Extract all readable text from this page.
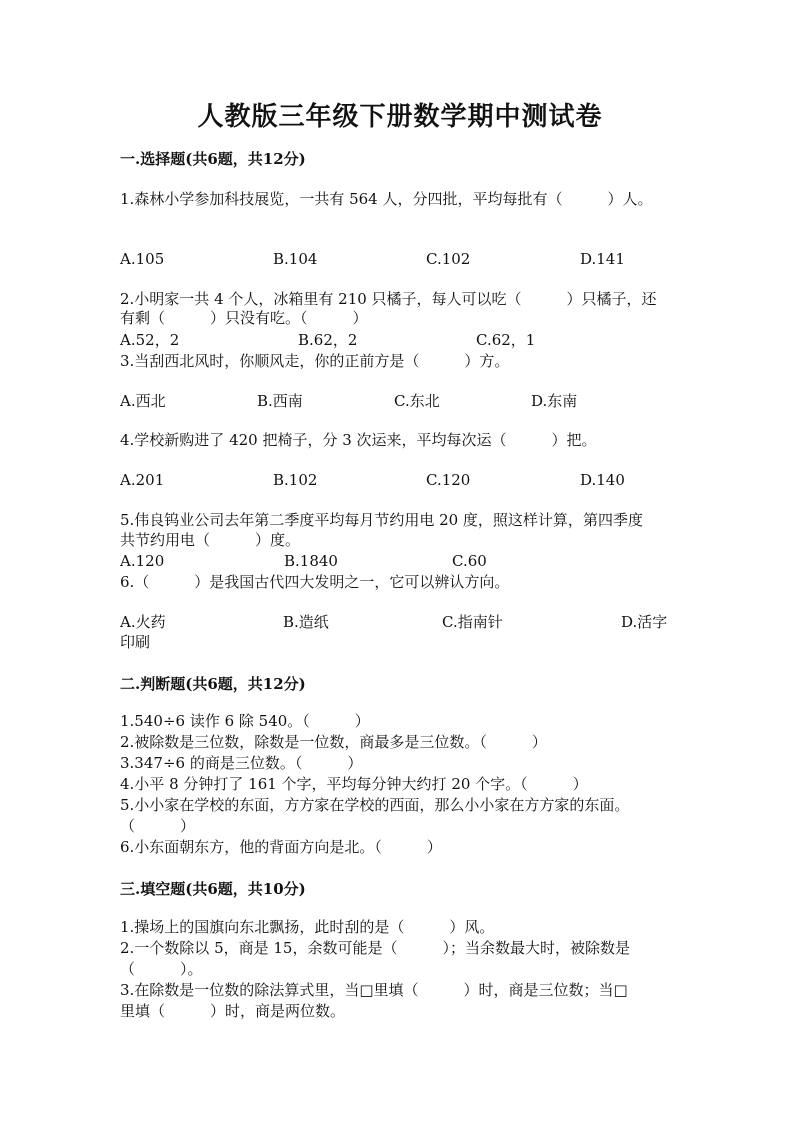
人教版三年级下册数学期中测试卷
一.选择题(共6题，共12分)
1.森林小学参加科技展览，一共有 564 人，分四批，平均每批有（　　　）人。
A.105	B.104	C.102	D.141
2.小明家一共 4 个人，冰箱里有 210 只橘子，每人可以吃（　　　）只橘子，还
有剩（　　　）只没有吃。（　　　）
A.52，2	B.62，2	C.62，1
3.当刮西北风时，你顺风走，你的正前方是（　　　）方。
A.西北	B.西南	C.东北	D.东南
4.学校新购进了 420 把椅子，分 3 次运来，平均每次运（　　　）把。
A.201	B.102	C.120	D.140
5.伟良钨业公司去年第二季度平均每月节约用电 20 度，照这样计算，第四季度
共节约用电（　　　）度。
A.120	B.1840	C.60
6.（　　　）是我国古代四大发明之一，它可以辨认方向。
A.火药	B.造纸	C.指南针	D.活字
印刷
二.判断题(共6题，共12分)
1.540÷6 读作 6 除 540。（　　　）
2.被除数是三位数，除数是一位数，商最多是三位数。（　　　）
3.347÷6 的商是三位数。（　　　）
4.小平 8 分钟打了 161 个字，平均每分钟大约打 20 个字。（　　　）
5.小小家在学校的东面，方方家在学校的西面，那么小小家在方方家的东面。
（　　　）
6.小东面朝东方，他的背面方向是北。（　　　）
三.填空题(共6题，共10分)
1.操场上的国旗向东北飘扬，此时刮的是（　　　）风。
2.一个数除以 5，商是 15，余数可能是（　　　）；当余数最大时，被除数是
（　　　）。
3.在除数是一位数的除法算式里，当□里填（　　　）时，商是三位数；当□
里填（　　　）时，商是两位数。
